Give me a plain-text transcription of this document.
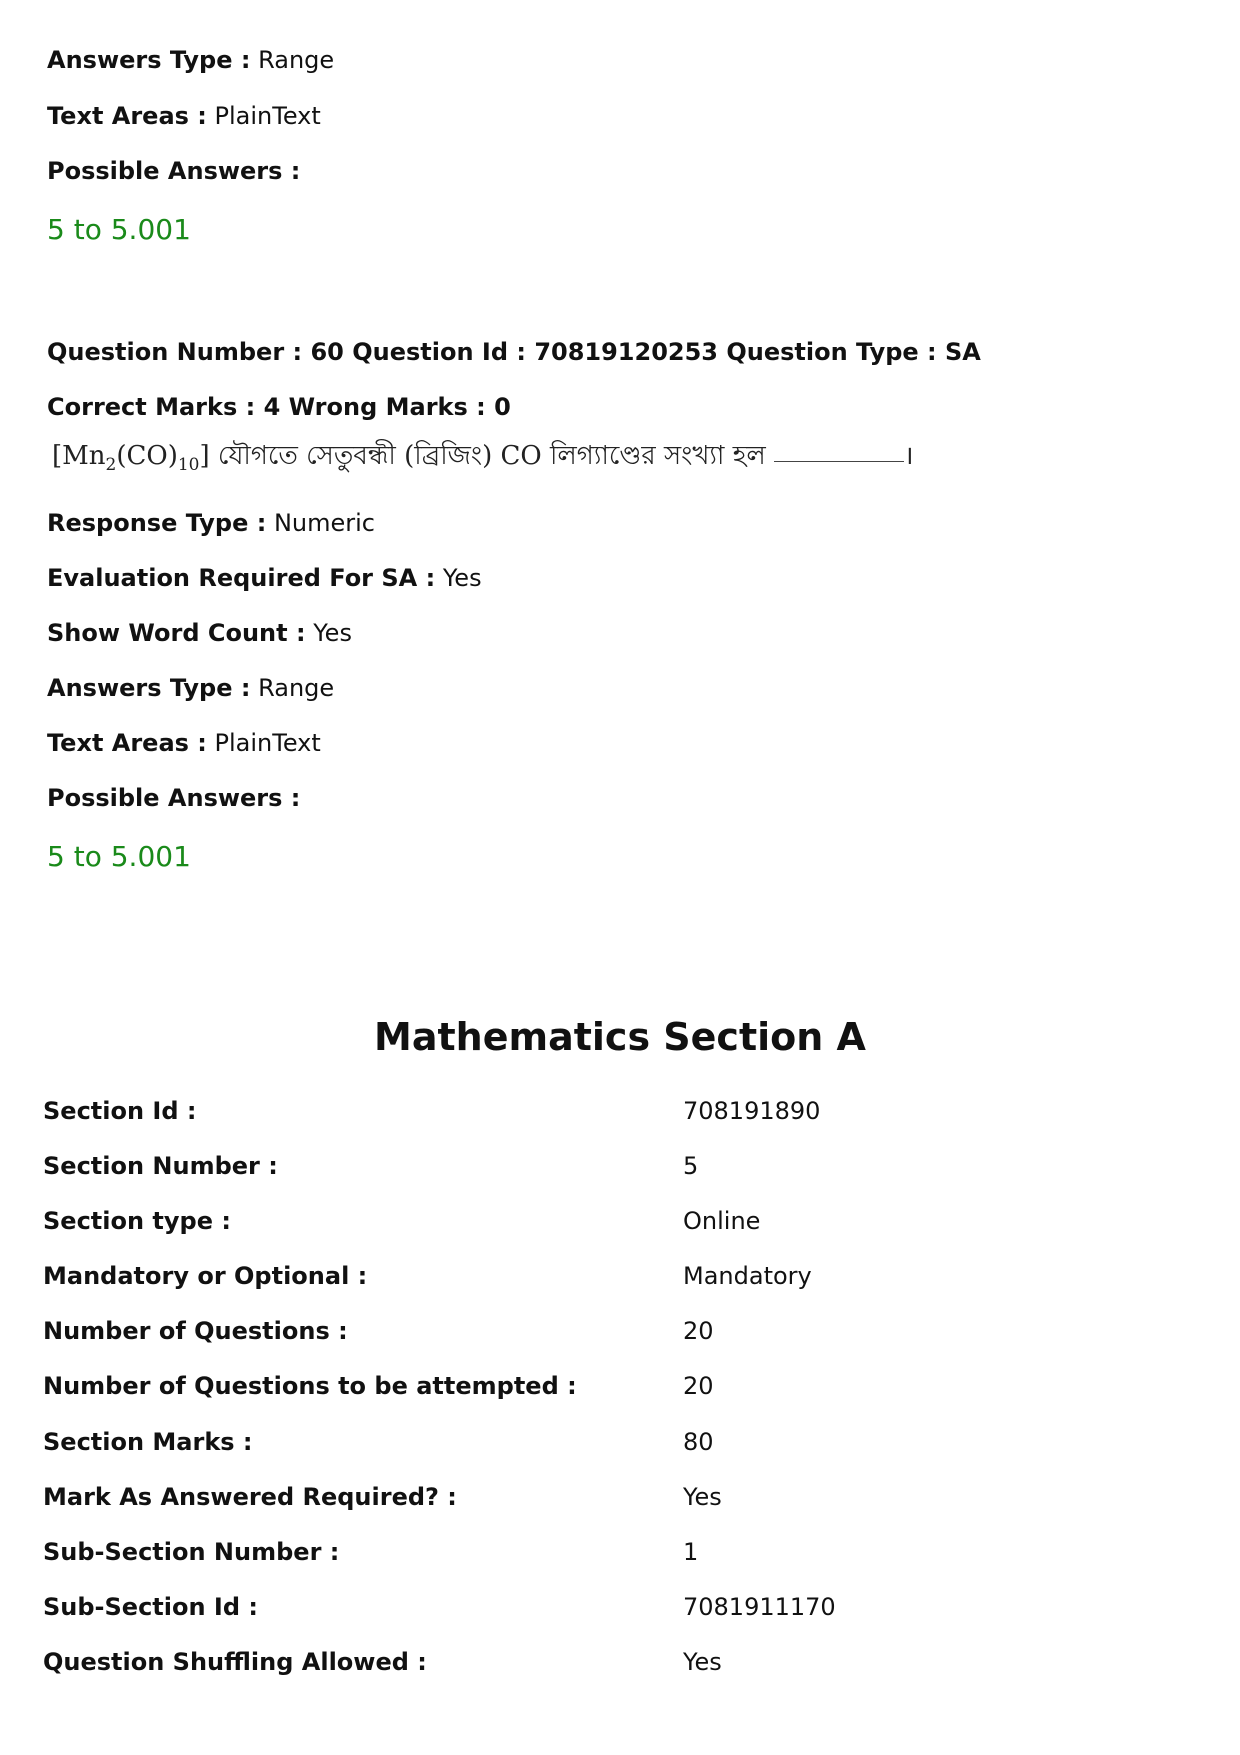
Answers Type : Range
Text Areas : PlainText
Possible Answers :
5 to 5.001
Question Number : 60 Question Id : 70819120253 Question Type : SA
Correct Marks : 4 Wrong Marks : 0
$[Mn_2(CO)_{10}]$ যৌগতে সেতুবন্ধী (ব্রিজিং) CO লিগ্যাণ্ডের সংখ্যা হল	।
Response Type : Numeric
Evaluation Required For SA : Yes
Show Word Count : Yes
Answers Type : Range
Text Areas : PlainText
Possible Answers :
5 to 5.001
Mathematics Section A
Section Id :	708191890
Section Number :	5
Section type :	Online
Mandatory or Optional :	Mandatory
Number of Questions :	20
Number of Questions to be attempted :	20
Section Marks :	80
Mark As Answered Required? :	Yes
Sub-Section Number :	1
Sub-Section Id :	7081911170
Question Shuffling Allowed :	Yes
